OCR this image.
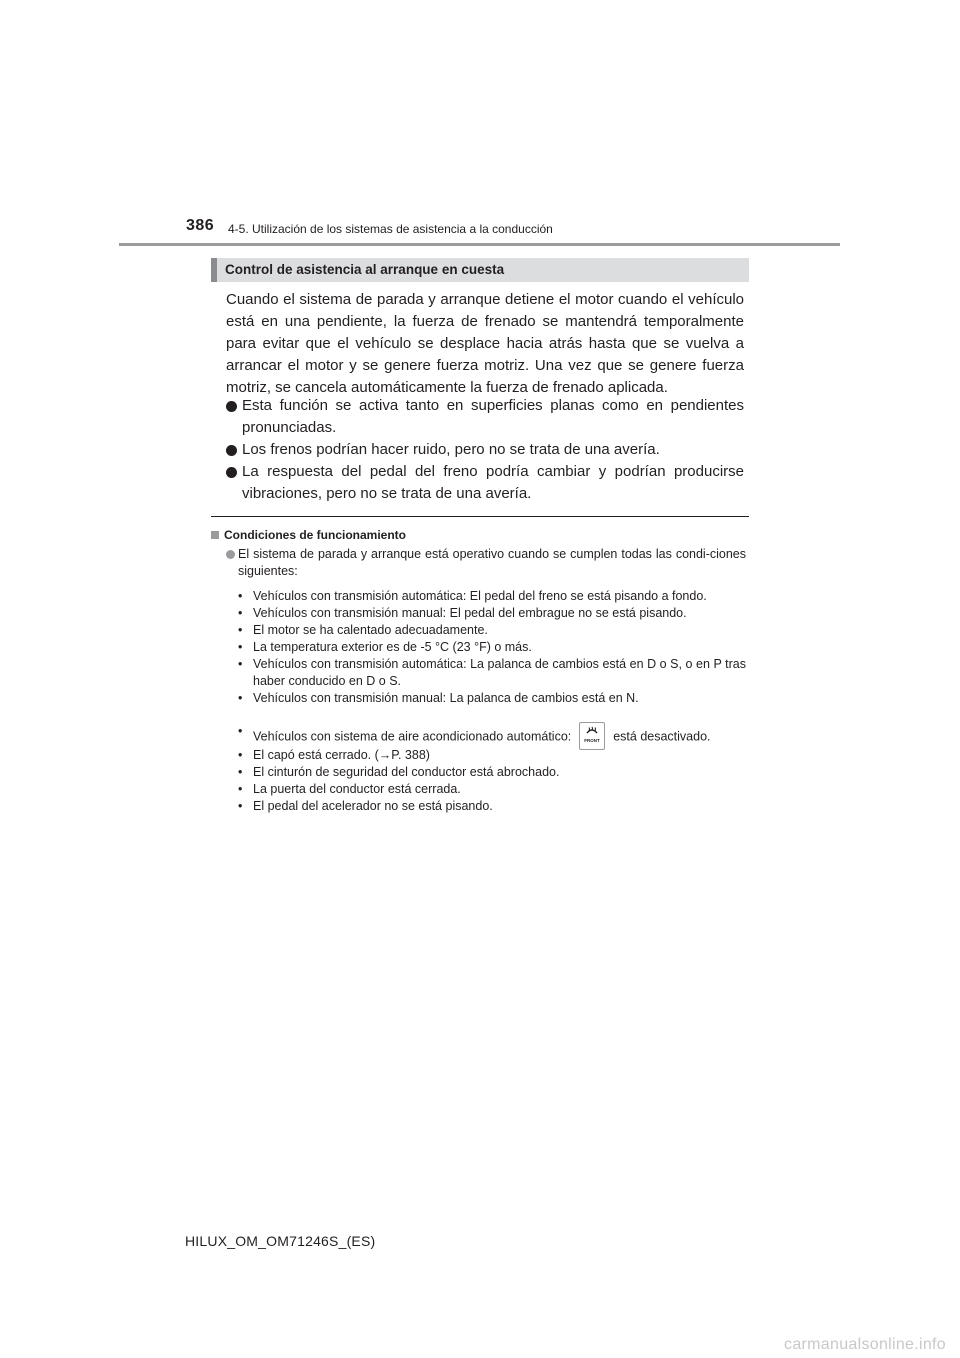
386 4-5. Utilización de los sistemas de asistencia a la conducción
Control de asistencia al arranque en cuesta
Cuando el sistema de parada y arranque detiene el motor cuando el vehículo está en una pendiente, la fuerza de frenado se mantendrá temporalmente para evitar que el vehículo se desplace hacia atrás hasta que se vuelva a arrancar el motor y se genere fuerza motriz. Una vez que se genere fuerza motriz, se cancela automáticamente la fuerza de frenado aplicada.
Esta función se activa tanto en superficies planas como en pendientes pronunciadas.
Los frenos podrían hacer ruido, pero no se trata de una avería.
La respuesta del pedal del freno podría cambiar y podrían producirse vibraciones, pero no se trata de una avería.
Condiciones de funcionamiento
El sistema de parada y arranque está operativo cuando se cumplen todas las condi-ciones siguientes:
• Vehículos con transmisión automática: El pedal del freno se está pisando a fondo.
• Vehículos con transmisión manual: El pedal del embrague no se está pisando.
• El motor se ha calentado adecuadamente.
• La temperatura exterior es de -5 °C (23 °F) o más.
• Vehículos con transmisión automática: La palanca de cambios está en D o S, o en P tras haber conducido en D o S.
• Vehículos con transmisión manual: La palanca de cambios está en N.
• Vehículos con sistema de aire acondicionado automático:	FRONT está desactivado.
• El capó está cerrado. (→P. 388)
• El cinturón de seguridad del conductor está abrochado.
• La puerta del conductor está cerrada.
• El pedal del acelerador no se está pisando.
HILUX_OM_OM71246S_(ES)
carmanualsonline.info
